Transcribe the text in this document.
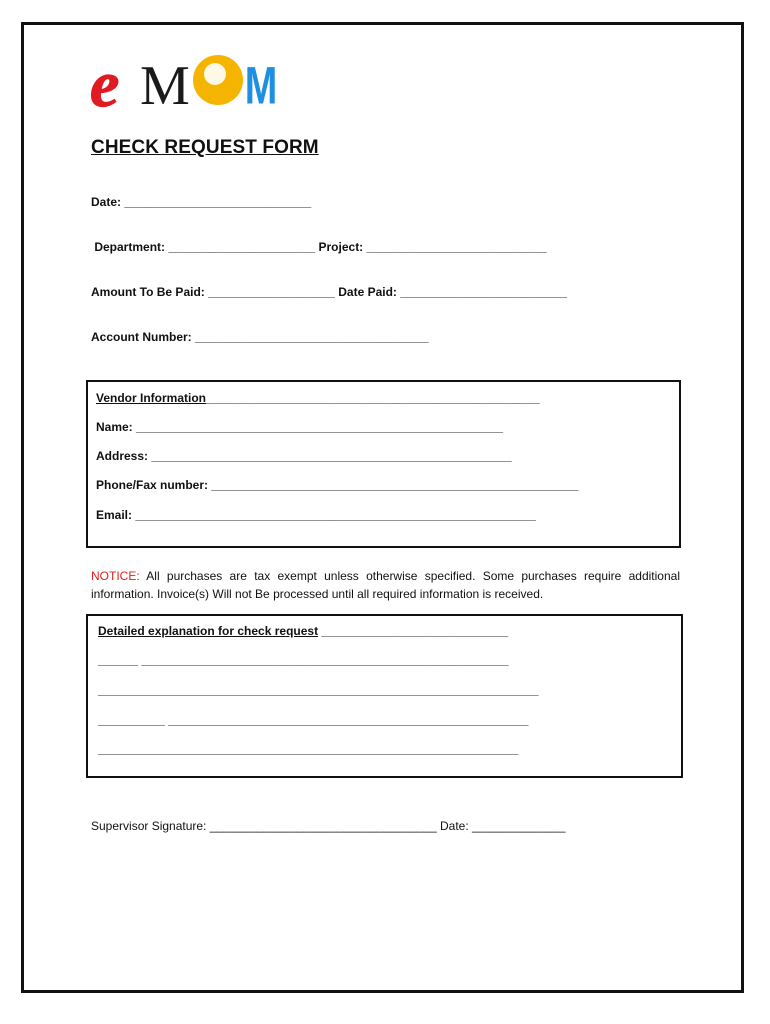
e M M
CHECK REQUEST FORM
Date: ____________________________
Department: ______________________ Project: ___________________________
Amount To Be Paid: ___________________ Date Paid: _________________________
Account Number: ___________________________________
Vendor Information__________________________________________________
Name: _______________________________________________________
Address: ______________________________________________________
Phone/Fax number: _______________________________________________________
Email: ____________________________________________________________
NOTICE: All purchases are tax exempt unless otherwise specified. Some purchases require additional information. Invoice(s) Will not Be processed until all required information is received.
Detailed explanation for check request ____________________________
______ _______________________________________________________
__________________________________________________________________
__________ ______________________________________________________
_______________________________________________________________
Supervisor Signature: __________________________________ Date: ______________
